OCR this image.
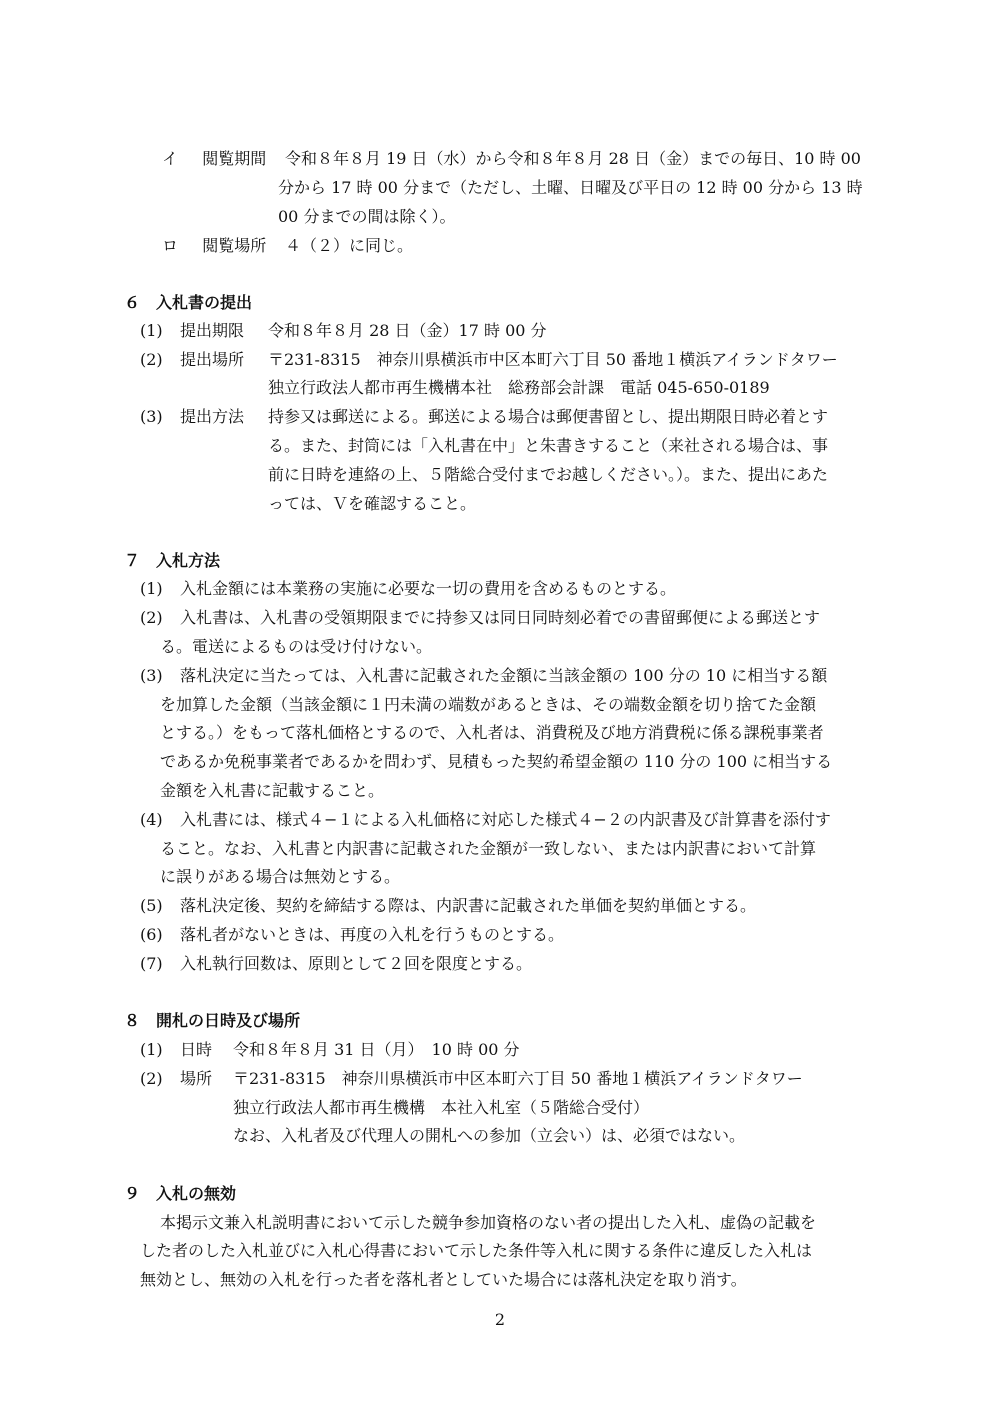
イ 閲覧期間 令和８年８月 19 日（水）から令和８年８月 28 日（金）までの毎日、10 時 00
分から 17 時 00 分まで（ただし、土曜、日曜及び平日の 12 時 00 分から 13 時
00 分までの間は除く）。
ロ 閲覧場所 ４（２）に同じ。
６　入札書の提出
(1) 提出期限 令和８年８月 28 日（金）17 時 00 分
(2) 提出場所 〒231-8315　神奈川県横浜市中区本町六丁目 50 番地１横浜アイランドタワー
独立行政法人都市再生機構本社　総務部会計課　電話 045-650-0189
(3) 提出方法 持参又は郵送による。郵送による場合は郵便書留とし、提出期限日時必着とす
る。また、封筒には「入札書在中」と朱書きすること（来社される場合は、事
前に日時を連絡の上、５階総合受付までお越しください。）。また、提出にあた
っては、Ｖを確認すること。
７　入札方法
(1) 入札金額には本業務の実施に必要な一切の費用を含めるものとする。
(2) 入札書は、入札書の受領期限までに持参又は同日同時刻必着での書留郵便による郵送とす
る。電送によるものは受け付けない。
(3) 落札決定に当たっては、入札書に記載された金額に当該金額の 100 分の 10 に相当する額
を加算した金額（当該金額に１円未満の端数があるときは、その端数金額を切り捨てた金額
とする。）をもって落札価格とするので、入札者は、消費税及び地方消費税に係る課税事業者
であるか免税事業者であるかを問わず、見積もった契約希望金額の 110 分の 100 に相当する
金額を入札書に記載すること。
(4) 入札書には、様式４−１による入札価格に対応した様式４−２の内訳書及び計算書を添付す
ること。なお、入札書と内訳書に記載された金額が一致しない、または内訳書において計算
に誤りがある場合は無効とする。
(5) 落札決定後、契約を締結する際は、内訳書に記載された単価を契約単価とする。
(6) 落札者がないときは、再度の入札を行うものとする。
(7) 入札執行回数は、原則として２回を限度とする。
８　開札の日時及び場所
(1) 日時 令和８年８月 31 日（月）　10 時 00 分
(2) 場所 〒231-8315　神奈川県横浜市中区本町六丁目 50 番地１横浜アイランドタワー
独立行政法人都市再生機構　本社入札室（５階総合受付）
なお、入札者及び代理人の開札への参加（立会い）は、必須ではない。
９　入札の無効
本掲示文兼入札説明書において示した競争参加資格のない者の提出した入札、虚偽の記載を
した者のした入札並びに入札心得書において示した条件等入札に関する条件に違反した入札は
無効とし、無効の入札を行った者を落札者としていた場合には落札決定を取り消す。
2
